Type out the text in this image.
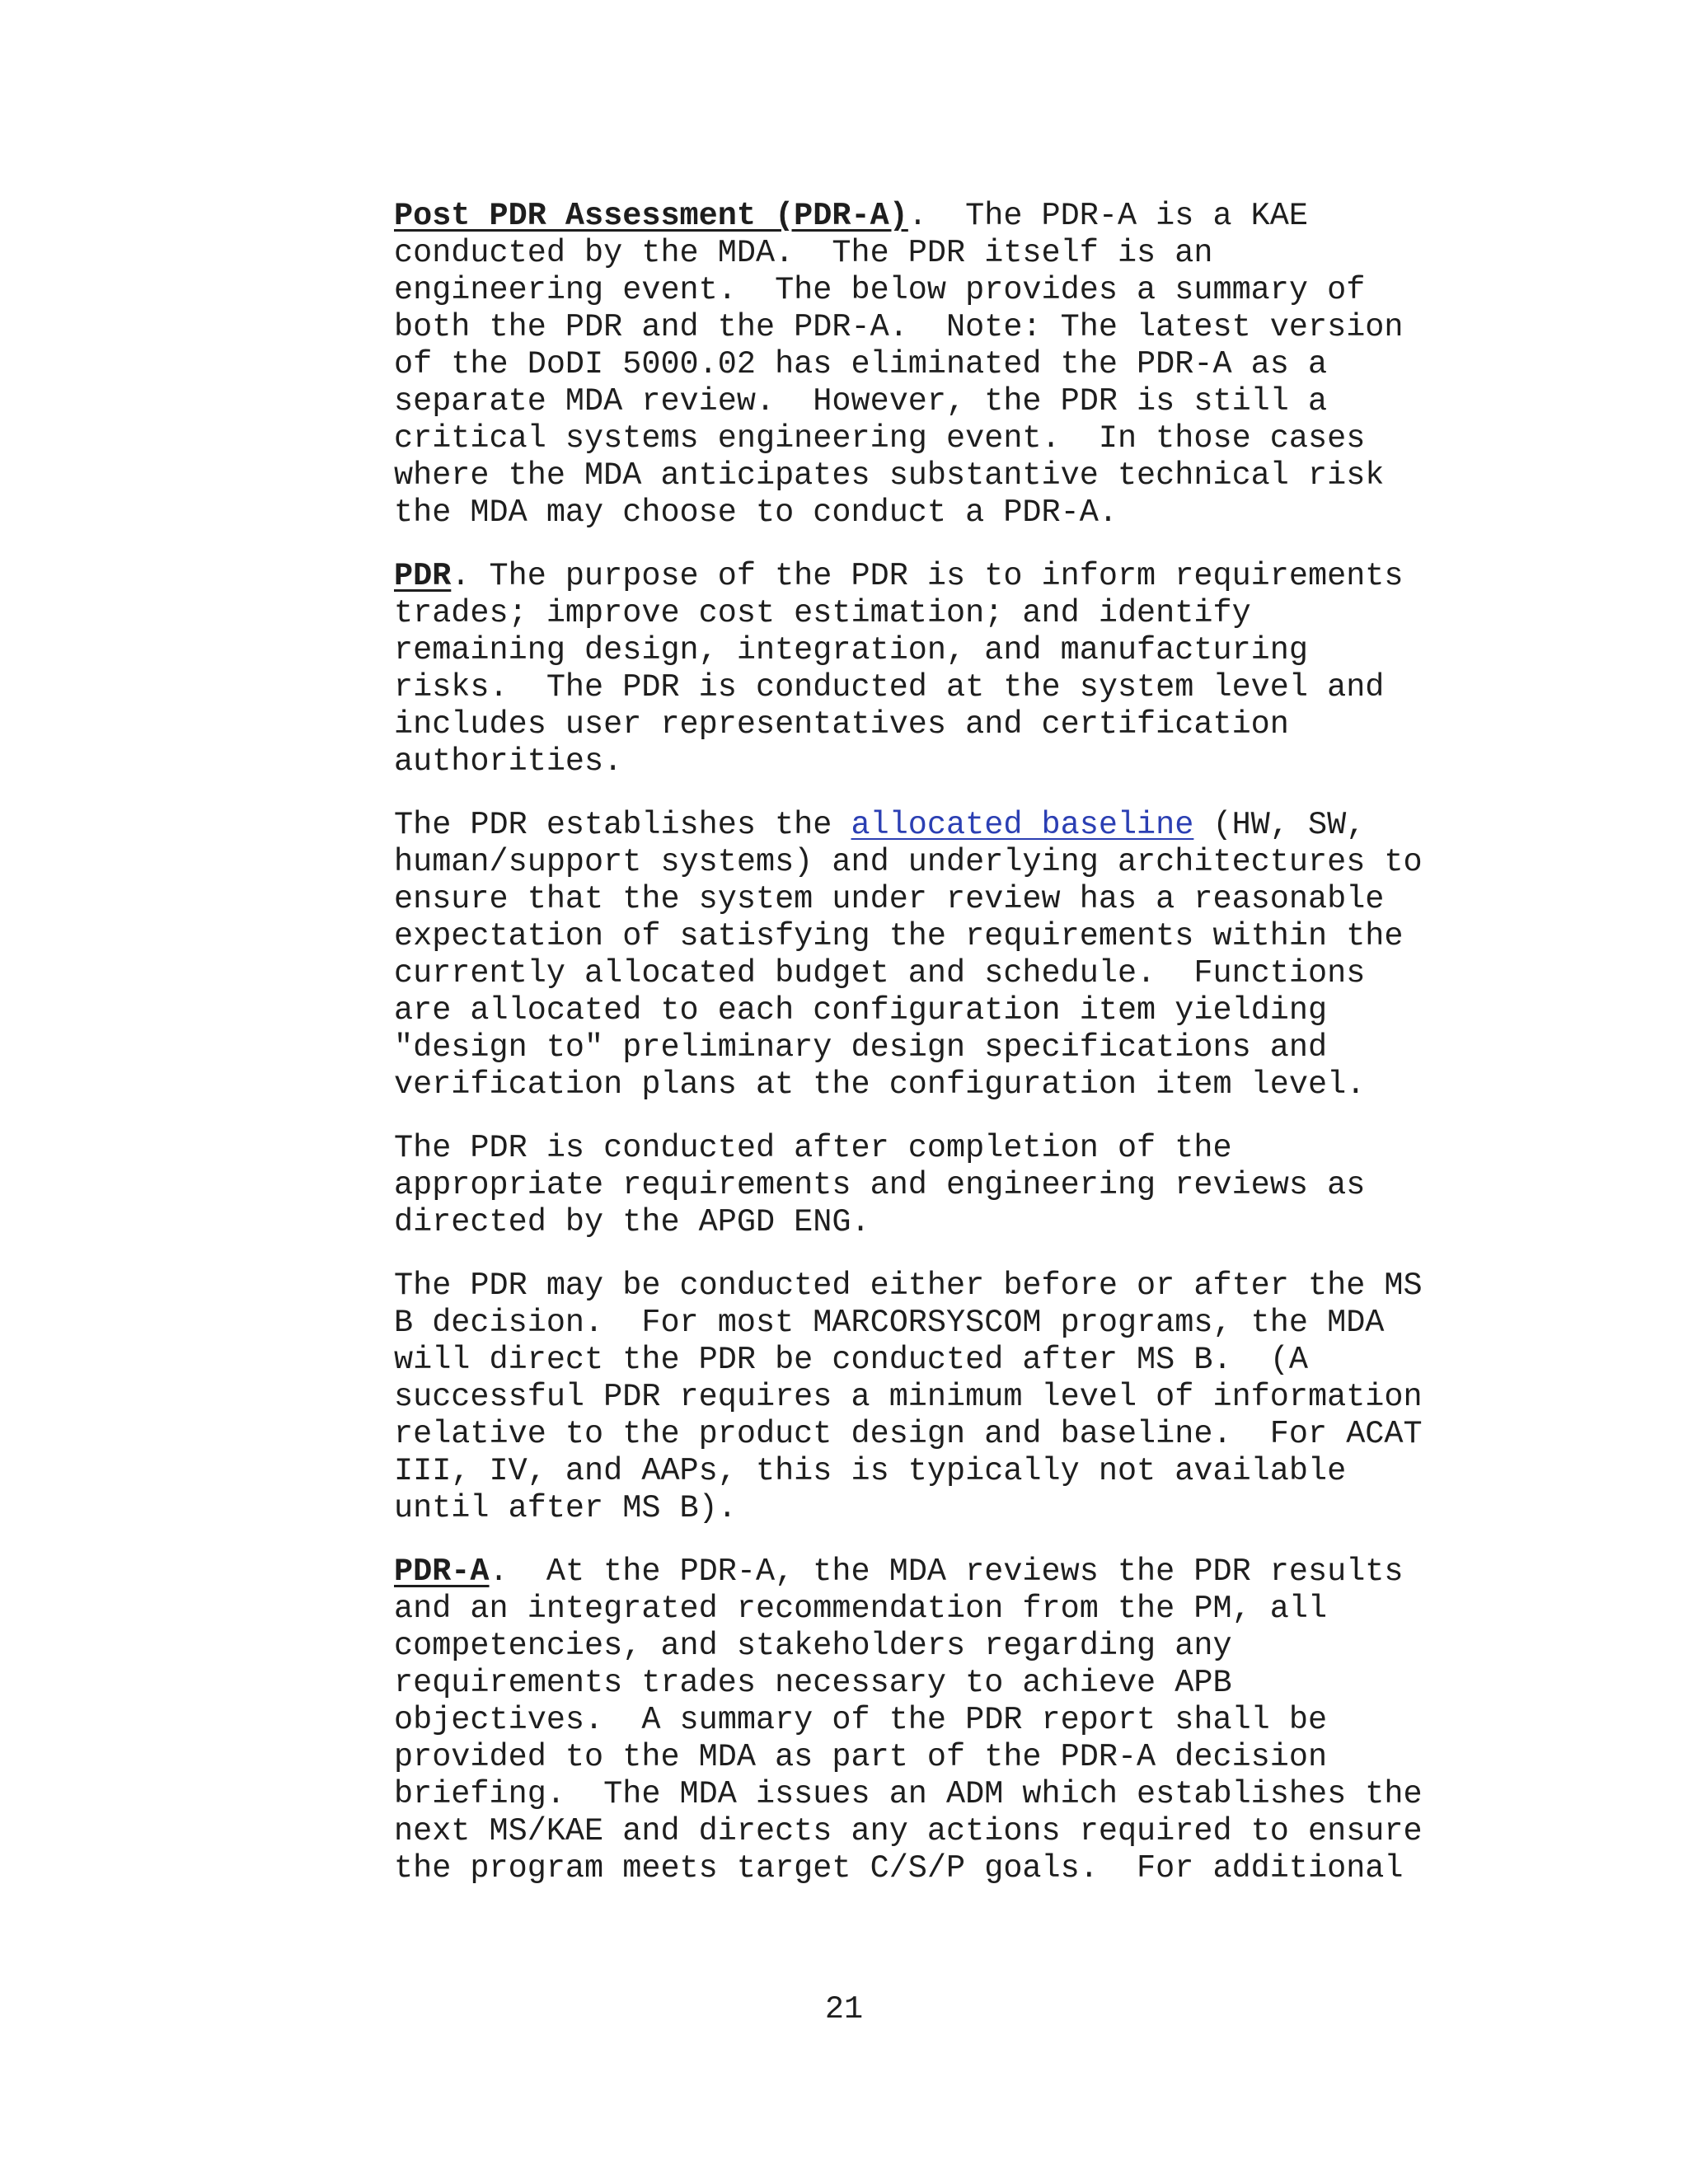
Post PDR Assessment (PDR-A).  The PDR-A is a KAE
conducted by the MDA.  The PDR itself is an
engineering event.  The below provides a summary of
both the PDR and the PDR-A.  Note: The latest version
of the DoDI 5000.02 has eliminated the PDR-A as a
separate MDA review.  However, the PDR is still a
critical systems engineering event.  In those cases
where the MDA anticipates substantive technical risk
the MDA may choose to conduct a PDR-A.
PDR. The purpose of the PDR is to inform requirements
trades; improve cost estimation; and identify
remaining design, integration, and manufacturing
risks.  The PDR is conducted at the system level and
includes user representatives and certification
authorities.
The PDR establishes the allocated baseline (HW, SW,
human/support systems) and underlying architectures to
ensure that the system under review has a reasonable
expectation of satisfying the requirements within the
currently allocated budget and schedule.  Functions
are allocated to each configuration item yielding
"design to" preliminary design specifications and
verification plans at the configuration item level.
The PDR is conducted after completion of the
appropriate requirements and engineering reviews as
directed by the APGD ENG.
The PDR may be conducted either before or after the MS
B decision.  For most MARCORSYSCOM programs, the MDA
will direct the PDR be conducted after MS B.  (A
successful PDR requires a minimum level of information
relative to the product design and baseline.  For ACAT
III, IV, and AAPs, this is typically not available
until after MS B).
PDR-A.  At the PDR-A, the MDA reviews the PDR results
and an integrated recommendation from the PM, all
competencies, and stakeholders regarding any
requirements trades necessary to achieve APB
objectives.  A summary of the PDR report shall be
provided to the MDA as part of the PDR-A decision
briefing.  The MDA issues an ADM which establishes the
next MS/KAE and directs any actions required to ensure
the program meets target C/S/P goals.  For additional
21
